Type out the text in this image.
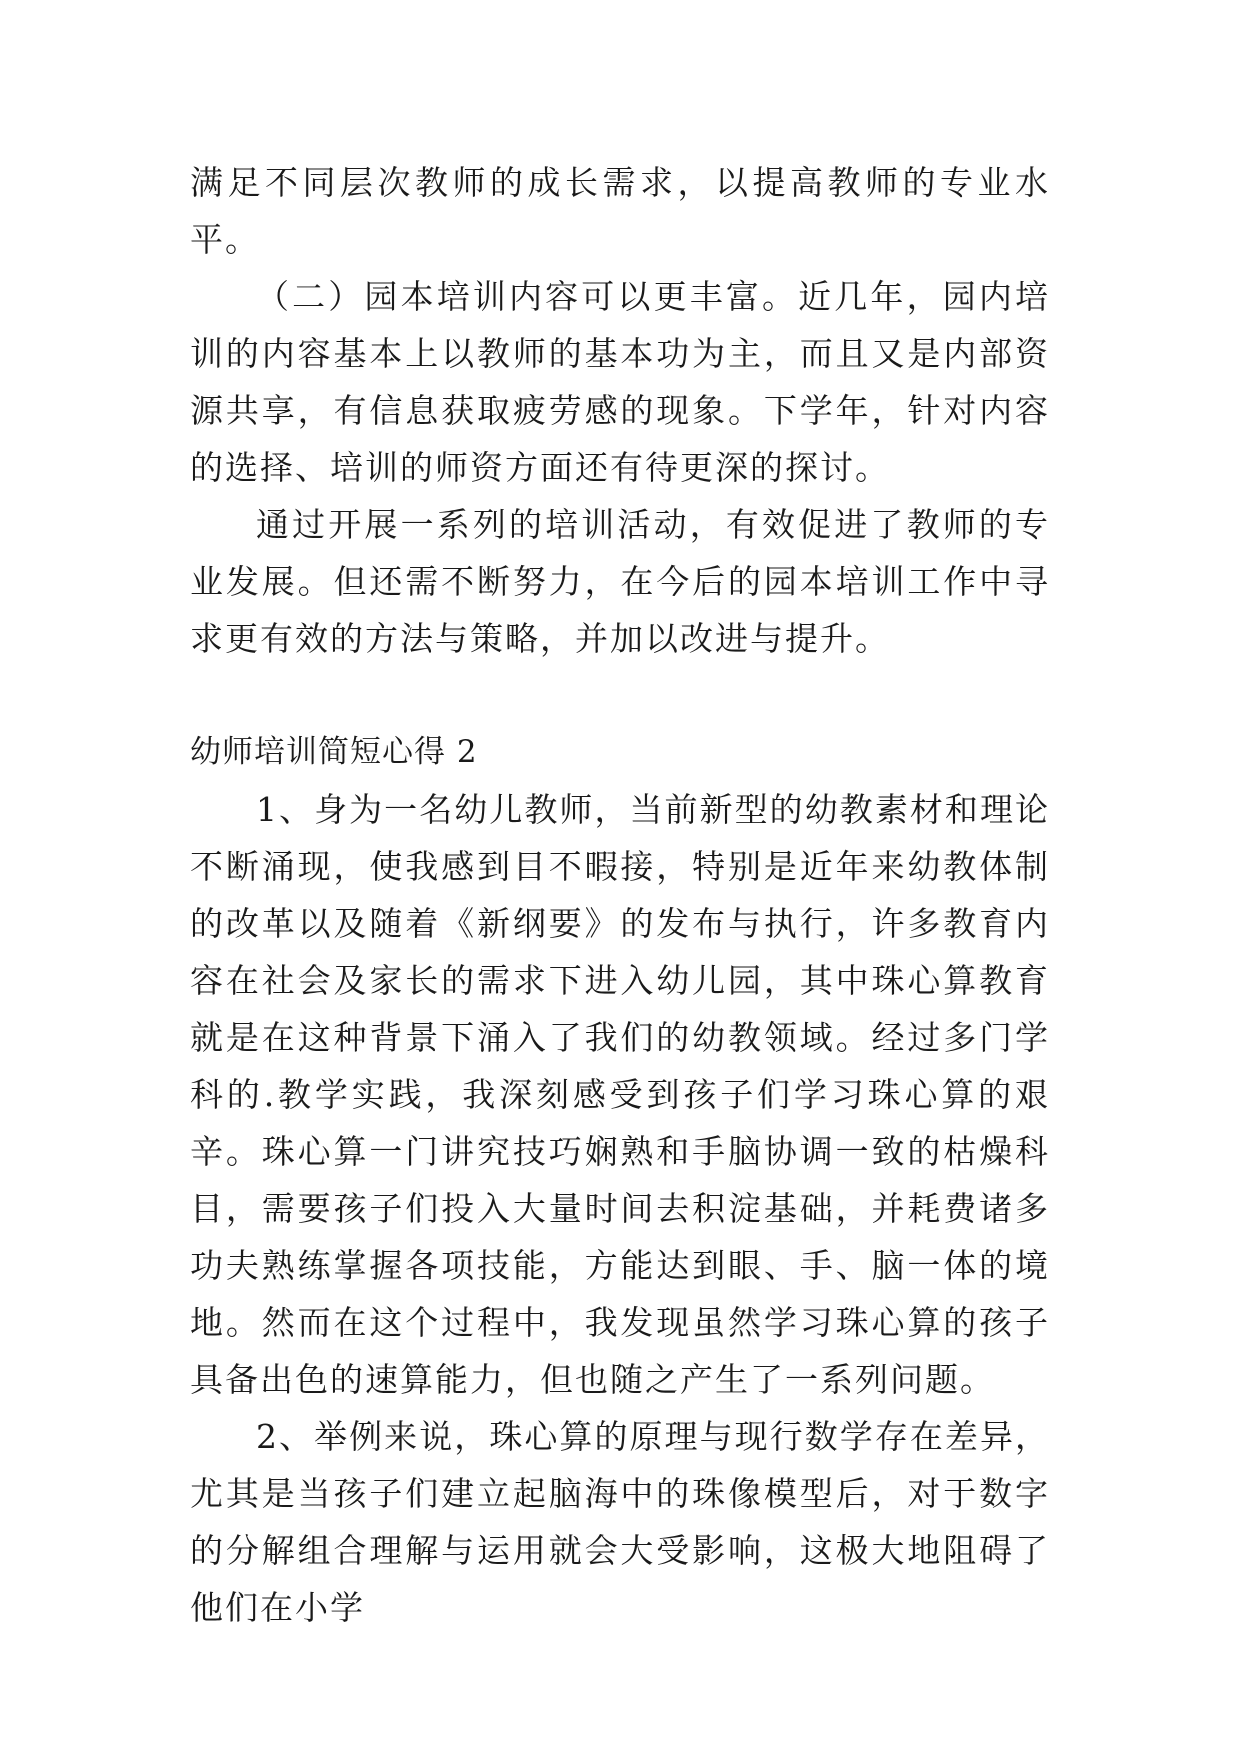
满足不同层次教师的成长需求，以提高教师的专业水平。

（二）园本培训内容可以更丰富。近几年，园内培训的内容基本上以教师的基本功为主，而且又是内部资源共享，有信息获取疲劳感的现象。下学年，针对内容的选择、培训的师资方面还有待更深的探讨。

通过开展一系列的培训活动，有效促进了教师的专业发展。但还需不断努力，在今后的园本培训工作中寻求更有效的方法与策略，并加以改进与提升。

幼师培训简短心得 2

1、身为一名幼儿教师，当前新型的幼教素材和理论不断涌现，使我感到目不暇接，特别是近年来幼教体制的改革以及随着《新纲要》的发布与执行，许多教育内容在社会及家长的需求下进入幼儿园，其中珠心算教育就是在这种背景下涌入了我们的幼教领域。经过多门学科的.教学实践，我深刻感受到孩子们学习珠心算的艰辛。珠心算一门讲究技巧娴熟和手脑协调一致的枯燥科目，需要孩子们投入大量时间去积淀基础，并耗费诸多功夫熟练掌握各项技能，方能达到眼、手、脑一体的境地。然而在这个过程中，我发现虽然学习珠心算的孩子具备出色的速算能力，但也随之产生了一系列问题。

2、举例来说，珠心算的原理与现行数学存在差异，尤其是当孩子们建立起脑海中的珠像模型后，对于数字的分解组合理解与运用就会大受影响，这极大地阻碍了他们在小学
